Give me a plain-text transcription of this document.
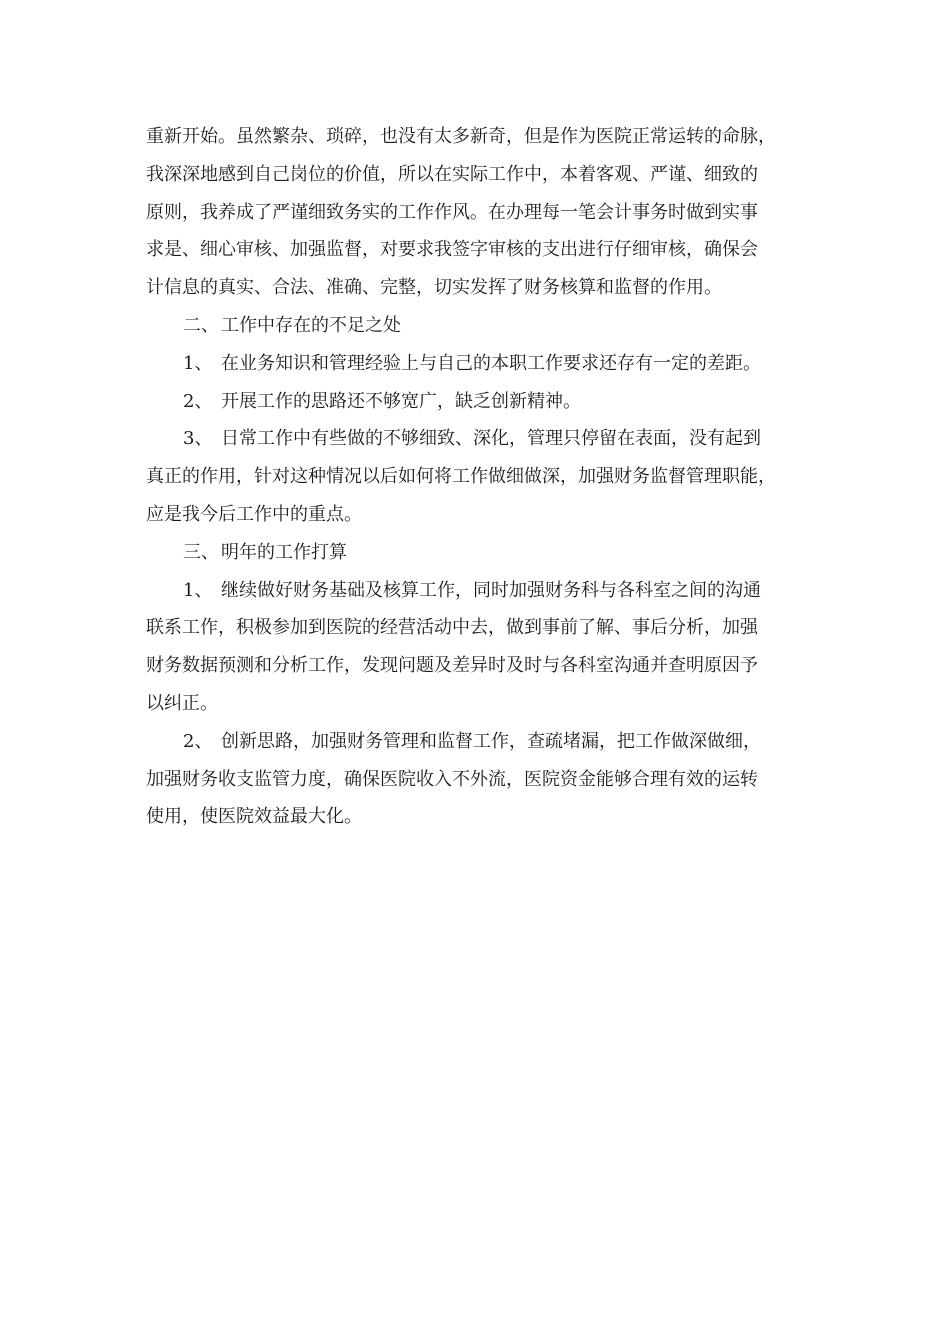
重新开始。虽然繁杂、琐碎，也没有太多新奇，但是作为医院正常运转的命脉，
我深深地感到自己岗位的价值，所以在实际工作中，本着客观、严谨、细致的
原则，我养成了严谨细致务实的工作作风。在办理每一笔会计事务时做到实事
求是、细心审核、加强监督，对要求我签字审核的支出进行仔细审核，确保会
计信息的真实、合法、准确、完整，切实发挥了财务核算和监督的作用。
二、 工作中存在的不足之处
1、 在业务知识和管理经验上与自己的本职工作要求还存有一定的差距。
2、 开展工作的思路还不够宽广，缺乏创新精神。
3、 日常工作中有些做的不够细致、深化，管理只停留在表面，没有起到
真正的作用，针对这种情况以后如何将工作做细做深，加强财务监督管理职能，
应是我今后工作中的重点。
三、 明年的工作打算
1、 继续做好财务基础及核算工作，同时加强财务科与各科室之间的沟通
联系工作，积极参加到医院的经营活动中去，做到事前了解、事后分析，加强
财务数据预测和分析工作，发现问题及差异时及时与各科室沟通并查明原因予
以纠正。
2、 创新思路，加强财务管理和监督工作，查疏堵漏，把工作做深做细，
加强财务收支监管力度，确保医院收入不外流，医院资金能够合理有效的运转
使用，使医院效益最大化。
